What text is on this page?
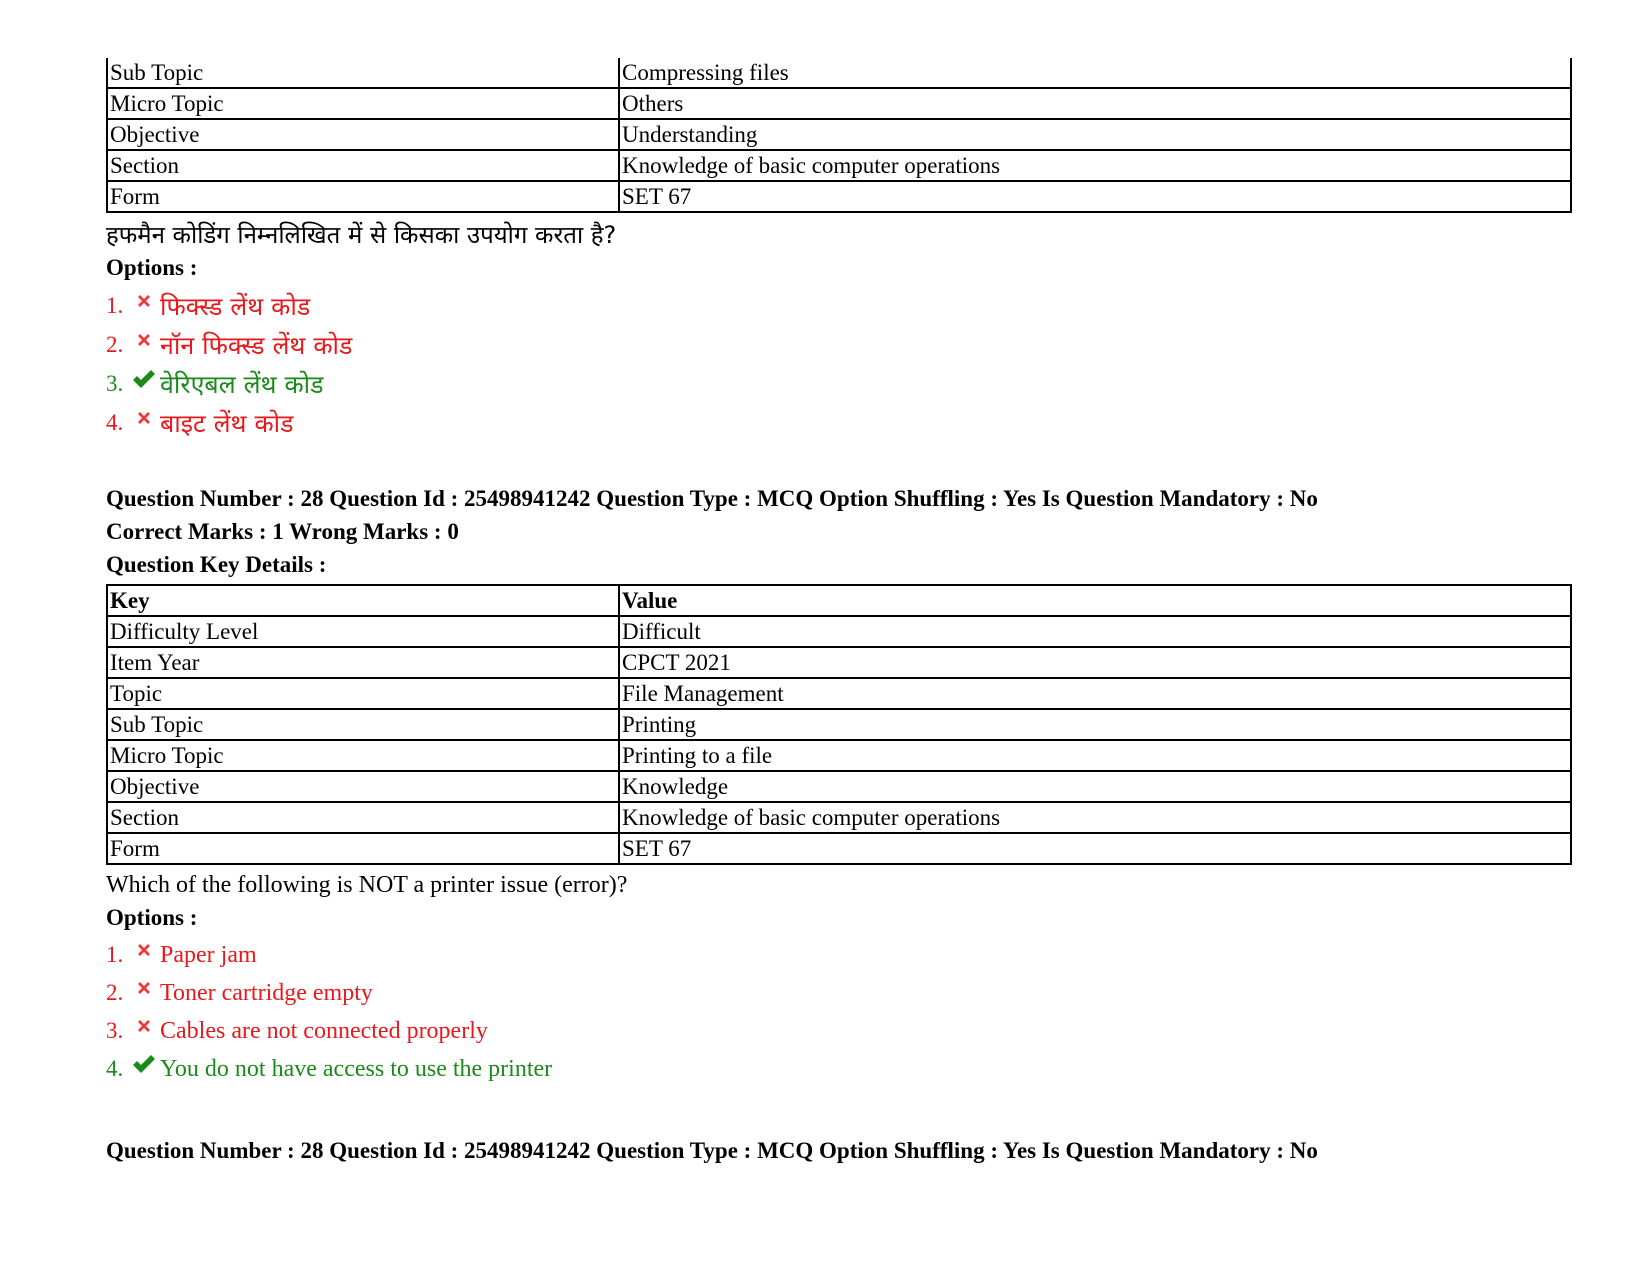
Sub Topic	Compressing files
Micro Topic	Others
Objective	Understanding
Section	Knowledge of basic computer operations
Form	SET 67
हफमैन कोडिंग निम्नलिखित में से किसका उपयोग करता है?
Options :
1. फिक्स्ड लेंथ कोड
2. नॉन फिक्स्ड लेंथ कोड
3. वेरिएबल लेंथ कोड
4. बाइट लेंथ कोड
Question Number : 28 Question Id : 25498941242 Question Type : MCQ Option Shuffling : Yes Is Question Mandatory : No
Correct Marks : 1 Wrong Marks : 0
Question Key Details :
Key	Value
Difficulty Level	Difficult
Item Year	CPCT 2021
Topic	File Management
Sub Topic	Printing
Micro Topic	Printing to a file
Objective	Knowledge
Section	Knowledge of basic computer operations
Form	SET 67
Which of the following is NOT a printer issue (error)?
Options :
1. Paper jam
2. Toner cartridge empty
3. Cables are not connected properly
4. You do not have access to use the printer
Question Number : 28 Question Id : 25498941242 Question Type : MCQ Option Shuffling : Yes Is Question Mandatory : No
